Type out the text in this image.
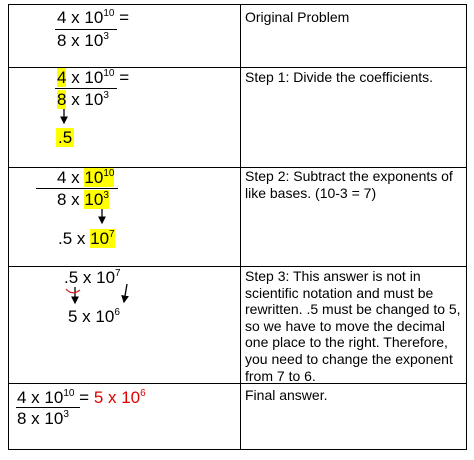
4 x $10^{10}$ =
8 x $10^3$
Original Problem
4 x $10^{10}$ =
8 x $10^3$
.5
Step 1: Divide the coefficients.
4 x $10^{10}$
8 x $10^3$
.5 x $10^7$
Step 2: Subtract the exponents of like bases. (10-3 = 7)
.5 x $10^7$
5 x $10^6$
Step 3: This answer is not in scientific notation and must be rewritten. .5 must be changed to 5, so we have to move the decimal one place to the right. Therefore, you need to change the exponent from 7 to 6.
4 x $10^{10} = 5$ x $10^6$
8 x $10^3$
Final answer.
